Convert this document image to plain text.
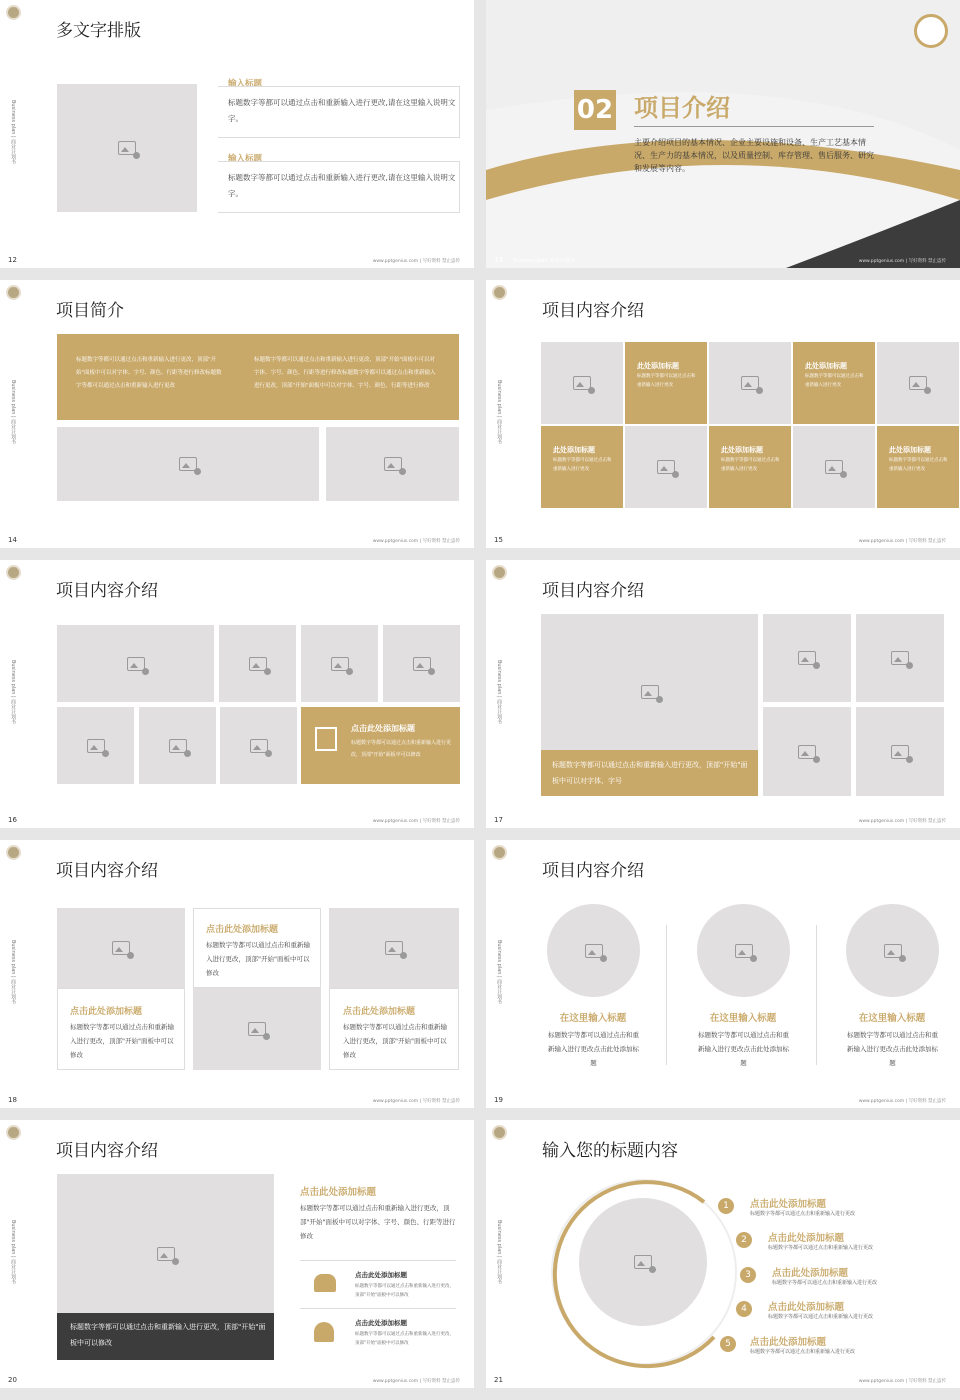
多文字排版
Business plan | 商业计划书
输入标题
标题数字等都可以通过点击和重新输入进行更改,请在这里输入说明文字。
输入标题
标题数字等都可以通过点击和重新输入进行更改,请在这里输入说明文字。
12	www.pptgenius.com | 写好资料 禁止盗传
02 项目介绍
主要介绍项目的基本情况、企业主要设施和设备、生产工艺基本情况、生产力的基本情况，以及质量控制、库存管理、售后服务、研究和发展等内容。
13 Business plan 商业计划书	www.pptgenius.com | 写好资料 禁止盗传
项目简介
Business plan | 商业计划书
标题数字等都可以通过点击和重新输入进行更改，顶部"开始"面板中可以对字体、字号、颜色、行距等进行修改标题数字等都可以通过点击和重新输入进行更改
标题数字等都可以通过点击和重新输入进行更改，顶部"开始"面板中可以对字体、字号、颜色、行距等进行修改标题数字等都可以通过点击和重新输入进行更改，顶部"开始"面板中可以对字体、字号、颜色、行距等进行修改
14	www.pptgenius.com | 写好资料 禁止盗传
项目内容介绍
Business plan | 商业计划书
此处添加标题
标题数字等都可以通过点击和重新输入进行更改
此处添加标题
标题数字等都可以通过点击和重新输入进行更改
此处添加标题
标题数字等都可以通过点击和重新输入进行更改
此处添加标题
标题数字等都可以通过点击和重新输入进行更改
此处添加标题
标题数字等都可以通过点击和重新输入进行更改
15	www.pptgenius.com | 写好资料 禁止盗传
项目内容介绍
Business plan | 商业计划书
点击此处添加标题
标题数字等都可以通过点击和重新输入进行更改，顶部"开始"面板中可以修改
16	www.pptgenius.com | 写好资料 禁止盗传
项目内容介绍
Business plan | 商业计划书
标题数字等都可以通过点击和重新输入进行更改，顶部"开始"面板中可以对字体、字号
17	www.pptgenius.com | 写好资料 禁止盗传
项目内容介绍
Business plan | 商业计划书
点击此处添加标题
标题数字等都可以通过点击和重新输入进行更改，顶部"开始"面板中可以修改
点击此处添加标题
标题数字等都可以通过点击和重新输入进行更改，顶部"开始"面板中可以修改
点击此处添加标题
标题数字等都可以通过点击和重新输入进行更改，顶部"开始"面板中可以修改
18	www.pptgenius.com | 写好资料 禁止盗传
项目内容介绍
Business plan | 商业计划书
在这里输入标题
标题数字等都可以通过点击和重新输入进行更改点击此处添加标题
在这里输入标题
标题数字等都可以通过点击和重新输入进行更改点击此处添加标题
在这里输入标题
标题数字等都可以通过点击和重新输入进行更改点击此处添加标题
19	www.pptgenius.com | 写好资料 禁止盗传
项目内容介绍
Business plan | 商业计划书
标题数字等都可以通过点击和重新输入进行更改，顶部"开始"面板中可以修改
点击此处添加标题
标题数字等都可以通过点击和重新输入进行更改，顶部"开始"面板中可以对字体、字号、颜色、行距等进行修改
点击此处添加标题
标题数字等都可以通过点击和重新输入进行更改，顶部"开始"面板中可以修改
点击此处添加标题
标题数字等都可以通过点击和重新输入进行更改，顶部"开始"面板中可以修改
20	www.pptgenius.com | 写好资料 禁止盗传
输入您的标题内容
Business plan | 商业计划书
1	点击此处添加标题
标题数字等都可以通过点击和重新输入进行更改
2	点击此处添加标题
标题数字等都可以通过点击和重新输入进行更改
3	点击此处添加标题
标题数字等都可以通过点击和重新输入进行更改
4	点击此处添加标题
标题数字等都可以通过点击和重新输入进行更改
5	点击此处添加标题
标题数字等都可以通过点击和重新输入进行更改
21	www.pptgenius.com | 写好资料 禁止盗传
